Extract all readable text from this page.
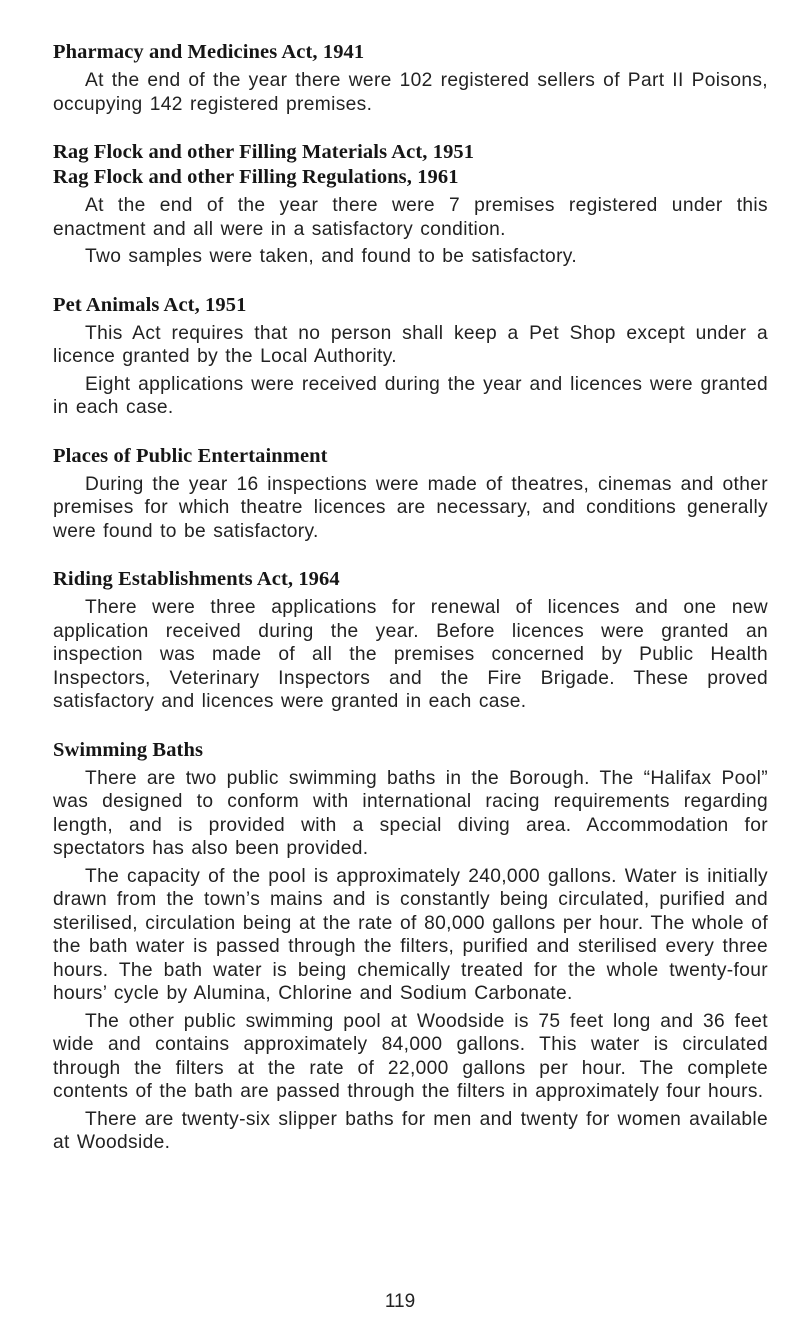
Pharmacy and Medicines Act, 1941

At the end of the year there were 102 registered sellers of Part II Poisons, occupying 142 registered premises.

Rag Flock and other Filling Materials Act, 1951
Rag Flock and other Filling Regulations, 1961

At the end of the year there were 7 premises registered under this enactment and all were in a satisfactory condition.

Two samples were taken, and found to be satisfactory.

Pet Animals Act, 1951

This Act requires that no person shall keep a Pet Shop except under a licence granted by the Local Authority.

Eight applications were received during the year and licences were granted in each case.

Places of Public Entertainment

During the year 16 inspections were made of theatres, cinemas and other premises for which theatre licences are necessary, and conditions generally were found to be satisfactory.

Riding Establishments Act, 1964

There were three applications for renewal of licences and one new application received during the year. Before licences were granted an inspection was made of all the premises concerned by Public Health Inspectors, Veterinary Inspectors and the Fire Brigade. These proved satisfactory and licences were granted in each case.

Swimming Baths

There are two public swimming baths in the Borough. The “Halifax Pool” was designed to conform with international racing requirements regarding length, and is provided with a special diving area. Accommodation for spectators has also been provided.

The capacity of the pool is approximately 240,000 gallons. Water is initially drawn from the town’s mains and is constantly being circulated, purified and sterilised, circulation being at the rate of 80,000 gallons per hour. The whole of the bath water is passed through the filters, purified and sterilised every three hours. The bath water is being chemically treated for the whole twenty-four hours’ cycle by Alumina, Chlorine and Sodium Carbonate.

The other public swimming pool at Woodside is 75 feet long and 36 feet wide and contains approximately 84,000 gallons. This water is circulated through the filters at the rate of 22,000 gallons per hour. The complete contents of the bath are passed through the filters in approximately four hours.

There are twenty-six slipper baths for men and twenty for women available at Woodside.

119
